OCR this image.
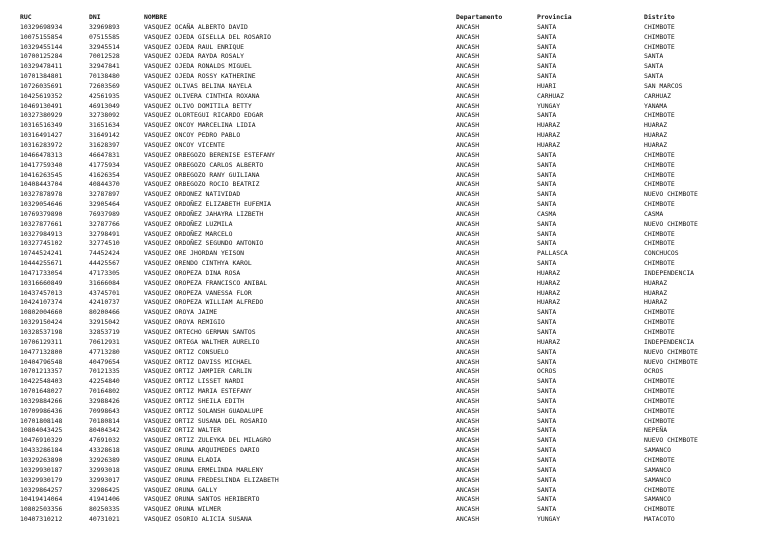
RUC	DNI	NOMBRE	Departamento	Provincia	Distrito
10329698934	32969893	VASQUEZ OCAÑA ALBERTO DAVID	ANCASH	SANTA	CHIMBOTE
10075155854	07515585	VASQUEZ OJEDA GISELLA DEL ROSARIO	ANCASH	SANTA	CHIMBOTE
10329455144	32945514	VASQUEZ OJEDA RAUL ENRIQUE	ANCASH	SANTA	CHIMBOTE
10700125284	70012528	VASQUEZ OJEDA RAYDA ROSALY	ANCASH	SANTA	SANTA
10329478411	32947841	VASQUEZ OJEDA RONALDS MIGUEL	ANCASH	SANTA	SANTA
10701384801	70138480	VASQUEZ OJEDA ROSSY KATHERINE	ANCASH	SANTA	SANTA
10726035691	72603569	VASQUEZ OLIVAS BELINA NAYELA	ANCASH	HUARI	SAN MARCOS
10425619352	42561935	VASQUEZ OLIVERA CINTHIA ROXANA	ANCASH	CARHUAZ	CARHUAZ
10469130491	46913049	VASQUEZ OLIVO DOMITILA BETTY	ANCASH	YUNGAY	YANAMA
10327380929	32738092	VASQUEZ OLORTEGUI RICARDO EDGAR	ANCASH	SANTA	CHIMBOTE
10316516349	31651634	VASQUEZ ONCOY MARCELINA LIDIA	ANCASH	HUARAZ	HUARAZ
10316491427	31649142	VASQUEZ ONCOY PEDRO PABLO	ANCASH	HUARAZ	HUARAZ
10316283972	31628397	VASQUEZ ONCOY VICENTE	ANCASH	HUARAZ	HUARAZ
10466478313	46647831	VASQUEZ ORBEGOZO BERENISE ESTEFANY	ANCASH	SANTA	CHIMBOTE
10417759340	41775934	VASQUEZ ORBEGOZO CARLOS ALBERTO	ANCASH	SANTA	CHIMBOTE
10416263545	41626354	VASQUEZ ORBEGOZO RANY GUILIANA	ANCASH	SANTA	CHIMBOTE
10408443704	40844370	VASQUEZ ORBEGOZO ROCIO BEATRIZ	ANCASH	SANTA	CHIMBOTE
10327878978	32787897	VASQUEZ ORDONEZ NATIVIDAD	ANCASH	SANTA	NUEVO CHIMBOTE
10329054646	32905464	VASQUEZ ORDOÑEZ ELIZABETH EUFEMIA	ANCASH	SANTA	CHIMBOTE
10769379890	76937989	VASQUEZ ORDOÑEZ JAHAYRA LIZBETH	ANCASH	CASMA	CASMA
10327877661	32787766	VASQUEZ ORDOÑEZ LUZMILA	ANCASH	SANTA	NUEVO CHIMBOTE
10327984913	32798491	VASQUEZ ORDOÑEZ MARCELO	ANCASH	SANTA	CHIMBOTE
10327745102	32774510	VASQUEZ ORDOÑEZ SEGUNDO ANTONIO	ANCASH	SANTA	CHIMBOTE
10744524241	74452424	VASQUEZ ORE JHORDAN YEISON	ANCASH	PALLASCA	CONCHUCOS
10444255671	44425567	VASQUEZ ORENDO CINTHYA KAROL	ANCASH	SANTA	CHIMBOTE
10471733054	47173305	VASQUEZ OROPEZA DINA ROSA	ANCASH	HUARAZ	INDEPENDENCIA
10316660849	31666084	VASQUEZ OROPEZA FRANCISCO ANIBAL	ANCASH	HUARAZ	HUARAZ
10437457013	43745701	VASQUEZ OROPEZA VANESSA FLOR	ANCASH	HUARAZ	HUARAZ
10424107374	42410737	VASQUEZ OROPEZA WILLIAM ALFREDO	ANCASH	HUARAZ	HUARAZ
10802004660	80200466	VASQUEZ OROYA JAIME	ANCASH	SANTA	CHIMBOTE
10329150424	32915042	VASQUEZ OROYA REMIGIO	ANCASH	SANTA	CHIMBOTE
10328537198	32853719	VASQUEZ ORTECHO GERMAN SANTOS	ANCASH	SANTA	CHIMBOTE
10706129311	70612931	VASQUEZ ORTEGA WALTHER AURELIO	ANCASH	HUARAZ	INDEPENDENCIA
10477132800	47713280	VASQUEZ ORTIZ CONSUELO	ANCASH	SANTA	NUEVO CHIMBOTE
10404796548	40479654	VASQUEZ ORTIZ DAVISS MICHAEL	ANCASH	SANTA	NUEVO CHIMBOTE
10701213357	70121335	VASQUEZ ORTIZ JAMPIER CARLIN	ANCASH	OCROS	OCROS
10422548403	42254840	VASQUEZ ORTIZ LISSET NARDI	ANCASH	SANTA	CHIMBOTE
10701648027	70164802	VASQUEZ ORTIZ MARIA ESTEFANY	ANCASH	SANTA	CHIMBOTE
10329884266	32988426	VASQUEZ ORTIZ SHEILA EDITH	ANCASH	SANTA	CHIMBOTE
10709986436	70998643	VASQUEZ ORTIZ SOLANSH GUADALUPE	ANCASH	SANTA	CHIMBOTE
10701808148	70180814	VASQUEZ ORTIZ SUSANA DEL ROSARIO	ANCASH	SANTA	CHIMBOTE
10804043425	80404342	VASQUEZ ORTIZ WALTER	ANCASH	SANTA	NEPEÑA
10476910329	47691032	VASQUEZ ORTIZ ZULEYKA DEL MILAGRO	ANCASH	SANTA	NUEVO CHIMBOTE
10433286184	43328618	VASQUEZ ORUNA ARQUIMEDES DARIO	ANCASH	SANTA	SAMANCO
10329263890	32926389	VASQUEZ ORUNA ELADIA	ANCASH	SANTA	CHIMBOTE
10329930187	32993018	VASQUEZ ORUNA ERMELINDA MARLENY	ANCASH	SANTA	SAMANCO
10329930179	32993017	VASQUEZ ORUNA FREDESLINDA ELIZABETH	ANCASH	SANTA	SAMANCO
10329864257	32986425	VASQUEZ ORUNA GALLY	ANCASH	SANTA	CHIMBOTE
10419414064	41941406	VASQUEZ ORUNA SANTOS HERIBERTO	ANCASH	SANTA	SAMANCO
10802503356	80250335	VASQUEZ ORUNA WILMER	ANCASH	SANTA	CHIMBOTE
10407310212	40731021	VASQUEZ OSORIO ALICIA SUSANA	ANCASH	YUNGAY	MATACOTO
